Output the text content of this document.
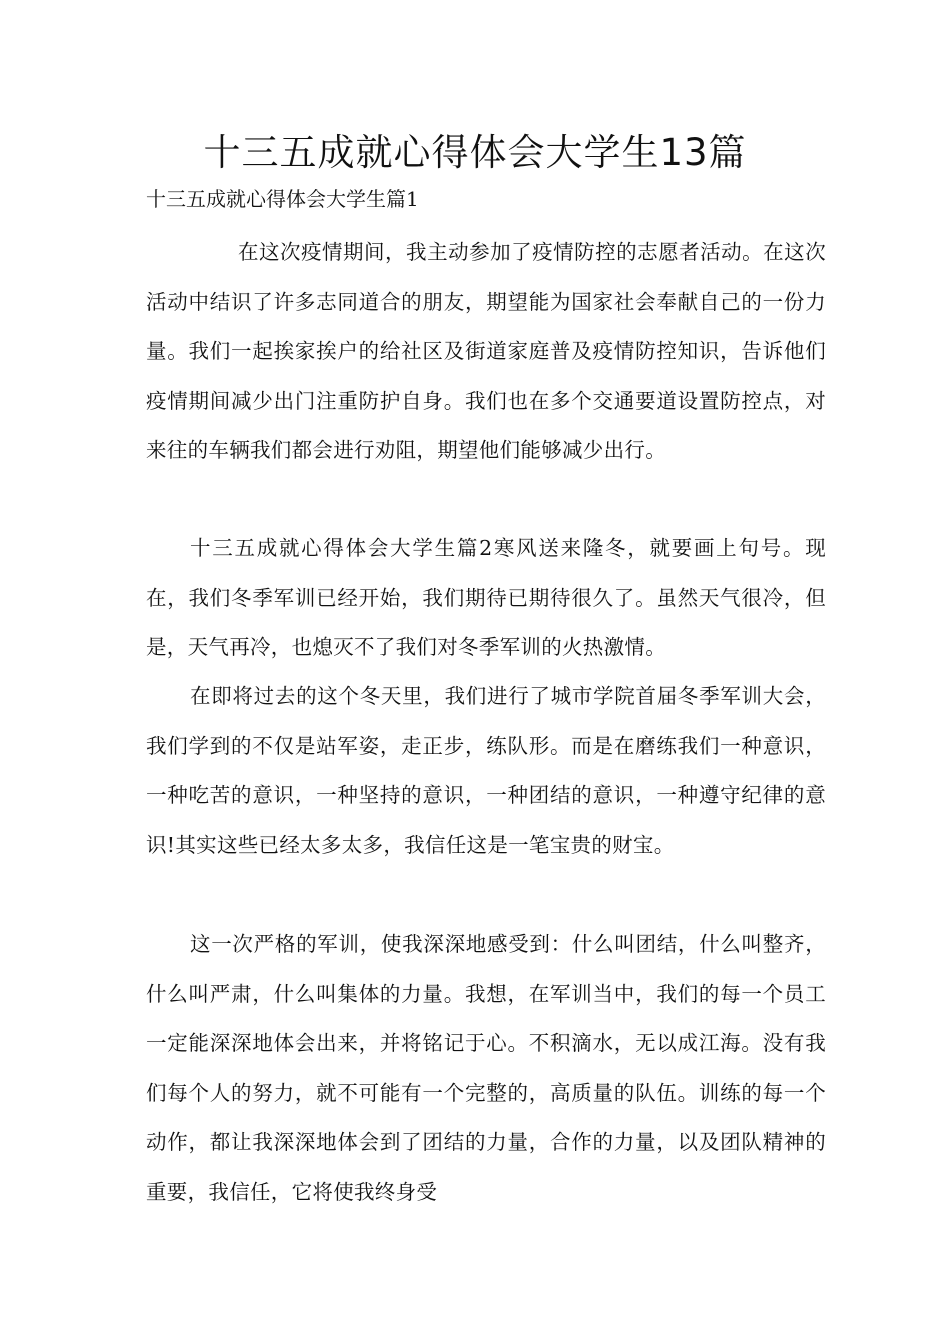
十三五成就心得体会大学生13篇

十三五成就心得体会大学生篇1

在这次疫情期间，我主动参加了疫情防控的志愿者活动。在这次活动中结识了许多志同道合的朋友，期望能为国家社会奉献自己的一份力量。我们一起挨家挨户的给社区及街道家庭普及疫情防控知识，告诉他们疫情期间减少出门注重防护自身。我们也在多个交通要道设置防控点，对来往的车辆我们都会进行劝阻，期望他们能够减少出行。

十三五成就心得体会大学生篇2寒风送来隆冬，就要画上句号。现在，我们冬季军训已经开始，我们期待已期待很久了。虽然天气很冷，但是，天气再冷，也熄灭不了我们对冬季军训的火热激情。

在即将过去的这个冬天里，我们进行了城市学院首届冬季军训大会，我们学到的不仅是站军姿，走正步，练队形。而是在磨练我们一种意识，一种吃苦的意识，一种坚持的意识，一种团结的意识，一种遵守纪律的意识!其实这些已经太多太多，我信任这是一笔宝贵的财宝。

这一次严格的军训，使我深深地感受到：什么叫团结，什么叫整齐，什么叫严肃，什么叫集体的力量。我想，在军训当中，我们的每一个员工一定能深深地体会出来，并将铭记于心。不积滴水，无以成江海。没有我们每个人的努力，就不可能有一个完整的，高质量的队伍。训练的每一个动作，都让我深深地体会到了团结的力量，合作的力量，以及团队精神的重要，我信任，它将使我终身受
